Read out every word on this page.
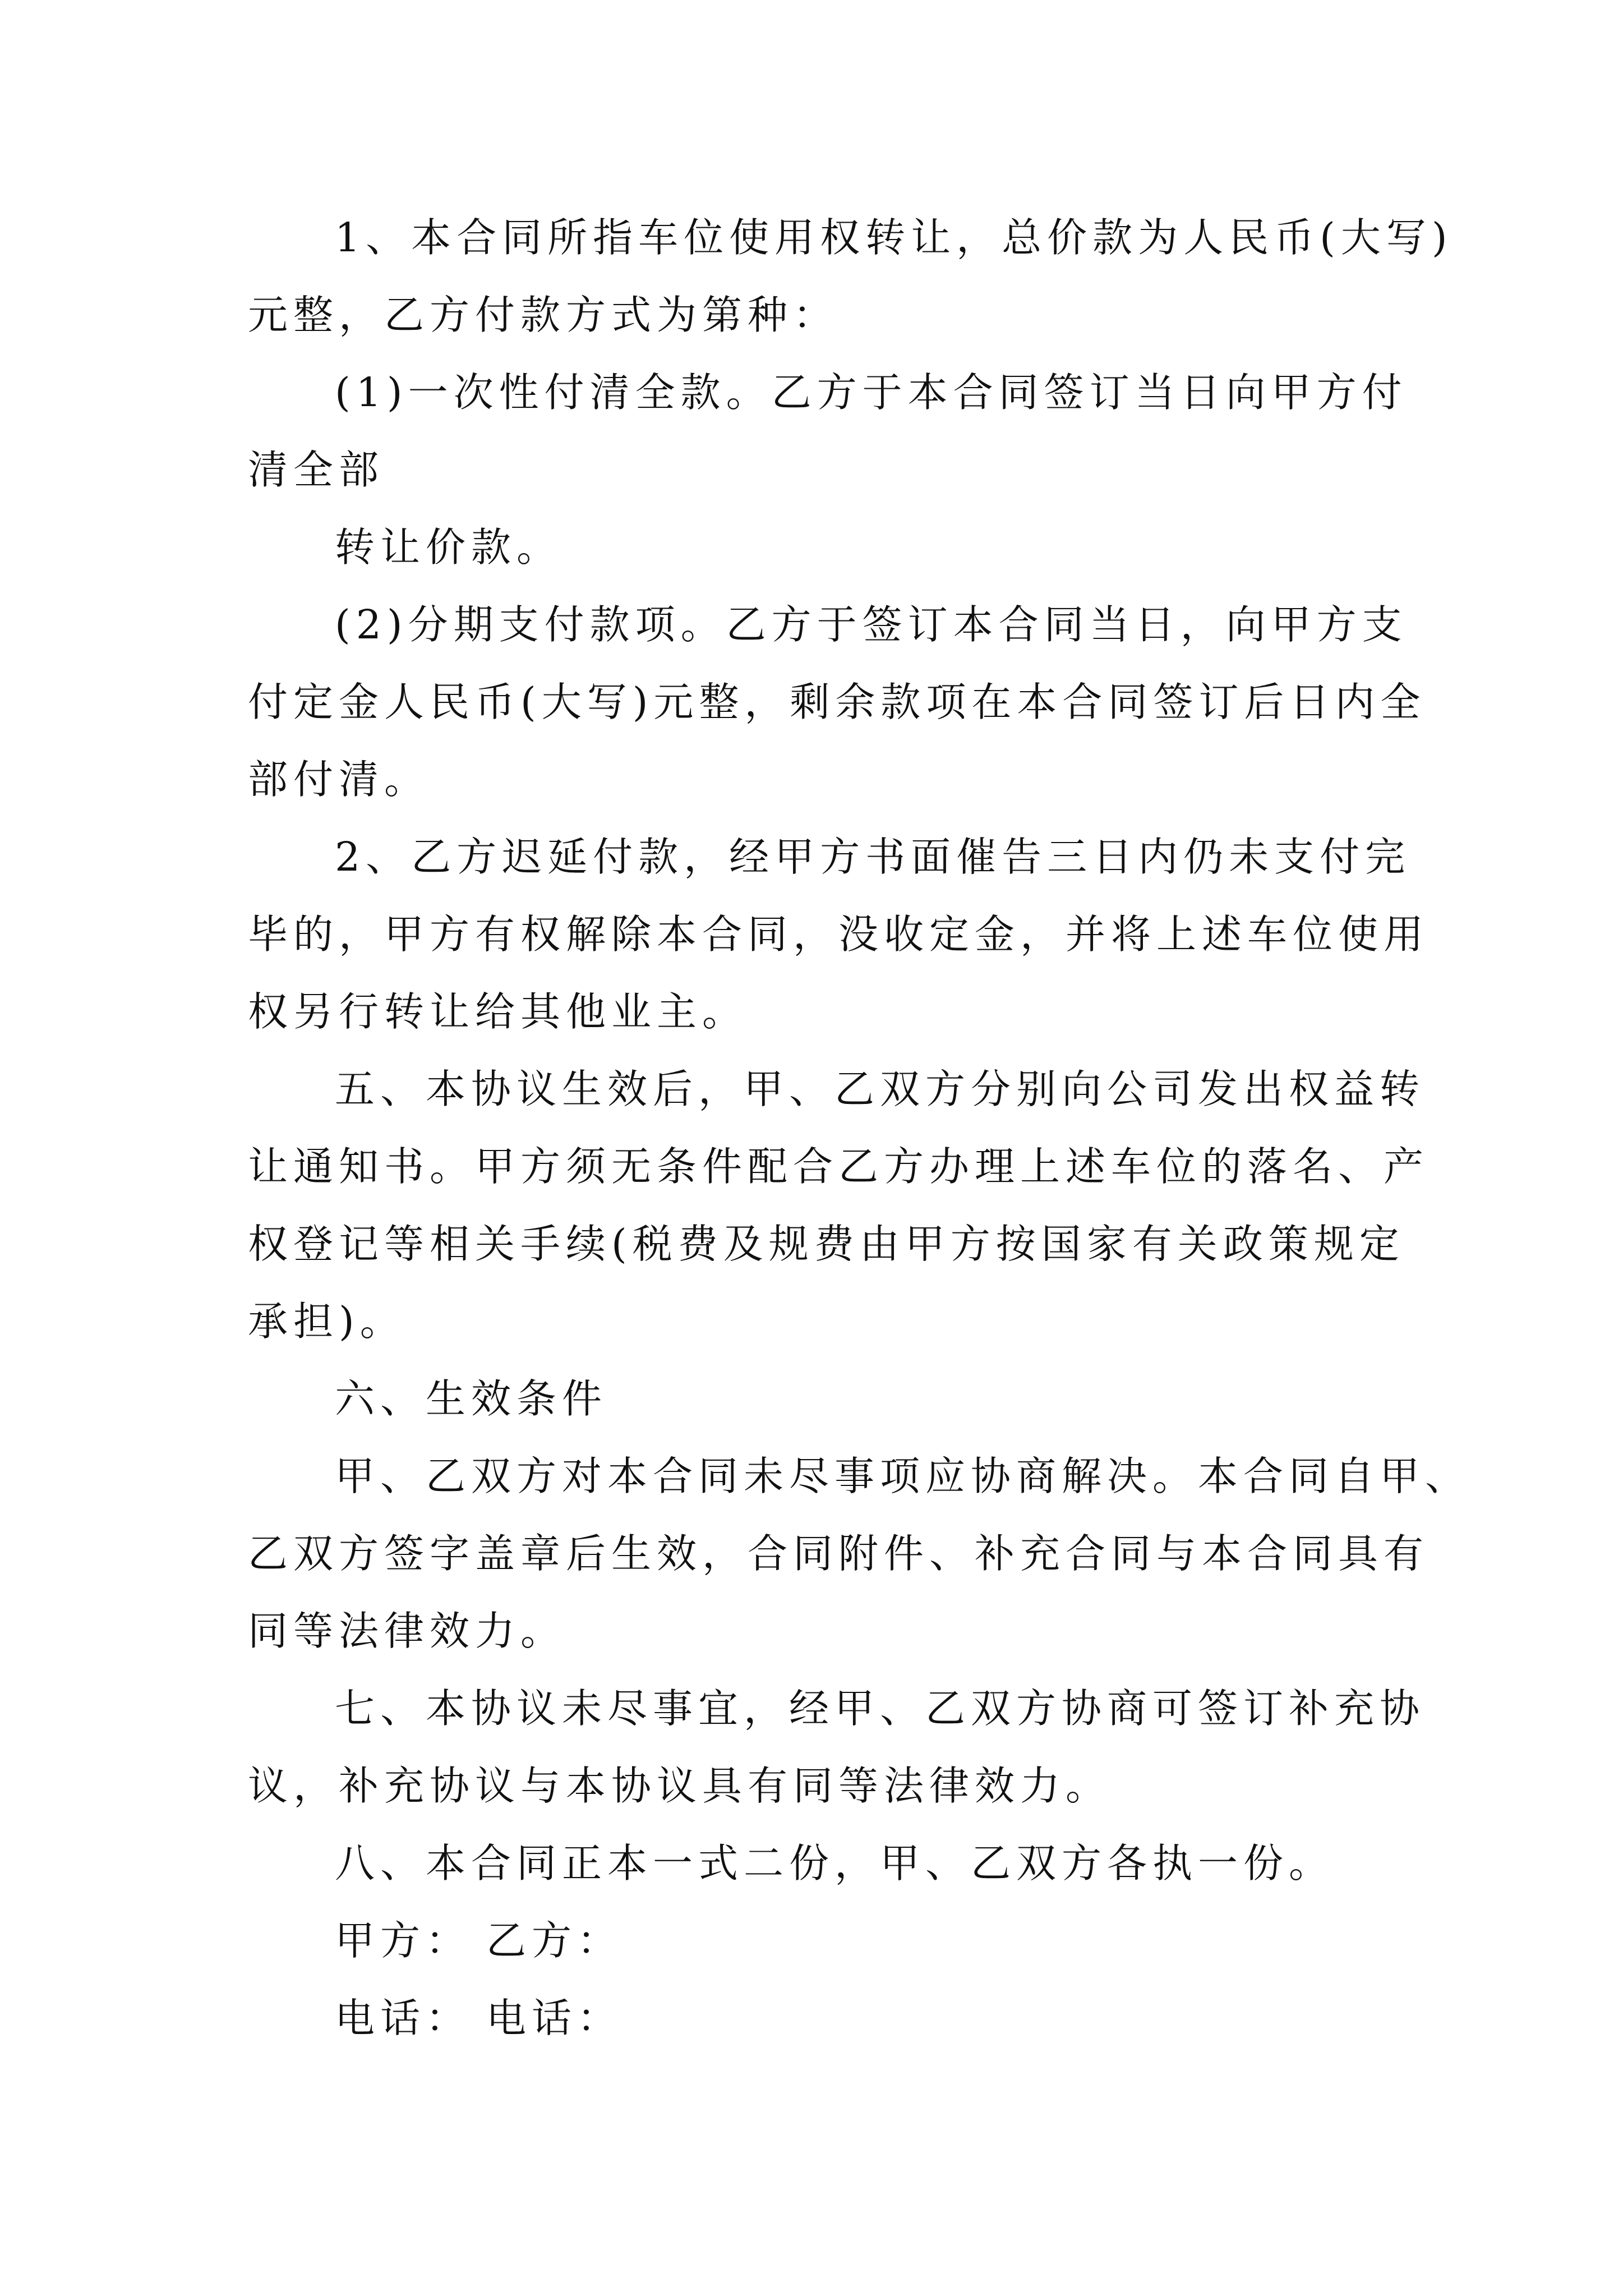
1、本合同所指车位使用权转让，总价款为人民币(大写)
元整，乙方付款方式为第种：
(1)一次性付清全款。乙方于本合同签订当日向甲方付
清全部
转让价款。
(2)分期支付款项。乙方于签订本合同当日，向甲方支
付定金人民币(大写)元整，剩余款项在本合同签订后日内全
部付清。
2、乙方迟延付款，经甲方书面催告三日内仍未支付完
毕的，甲方有权解除本合同，没收定金，并将上述车位使用
权另行转让给其他业主。
五、本协议生效后，甲、乙双方分别向公司发出权益转
让通知书。甲方须无条件配合乙方办理上述车位的落名、产
权登记等相关手续(税费及规费由甲方按国家有关政策规定
承担)。
六、生效条件
甲、乙双方对本合同未尽事项应协商解决。本合同自甲、
乙双方签字盖章后生效，合同附件、补充合同与本合同具有
同等法律效力。
七、本协议未尽事宜，经甲、乙双方协商可签订补充协
议，补充协议与本协议具有同等法律效力。
八、本合同正本一式二份，甲、乙双方各执一份。
甲方： 乙方：
电话： 电话：
